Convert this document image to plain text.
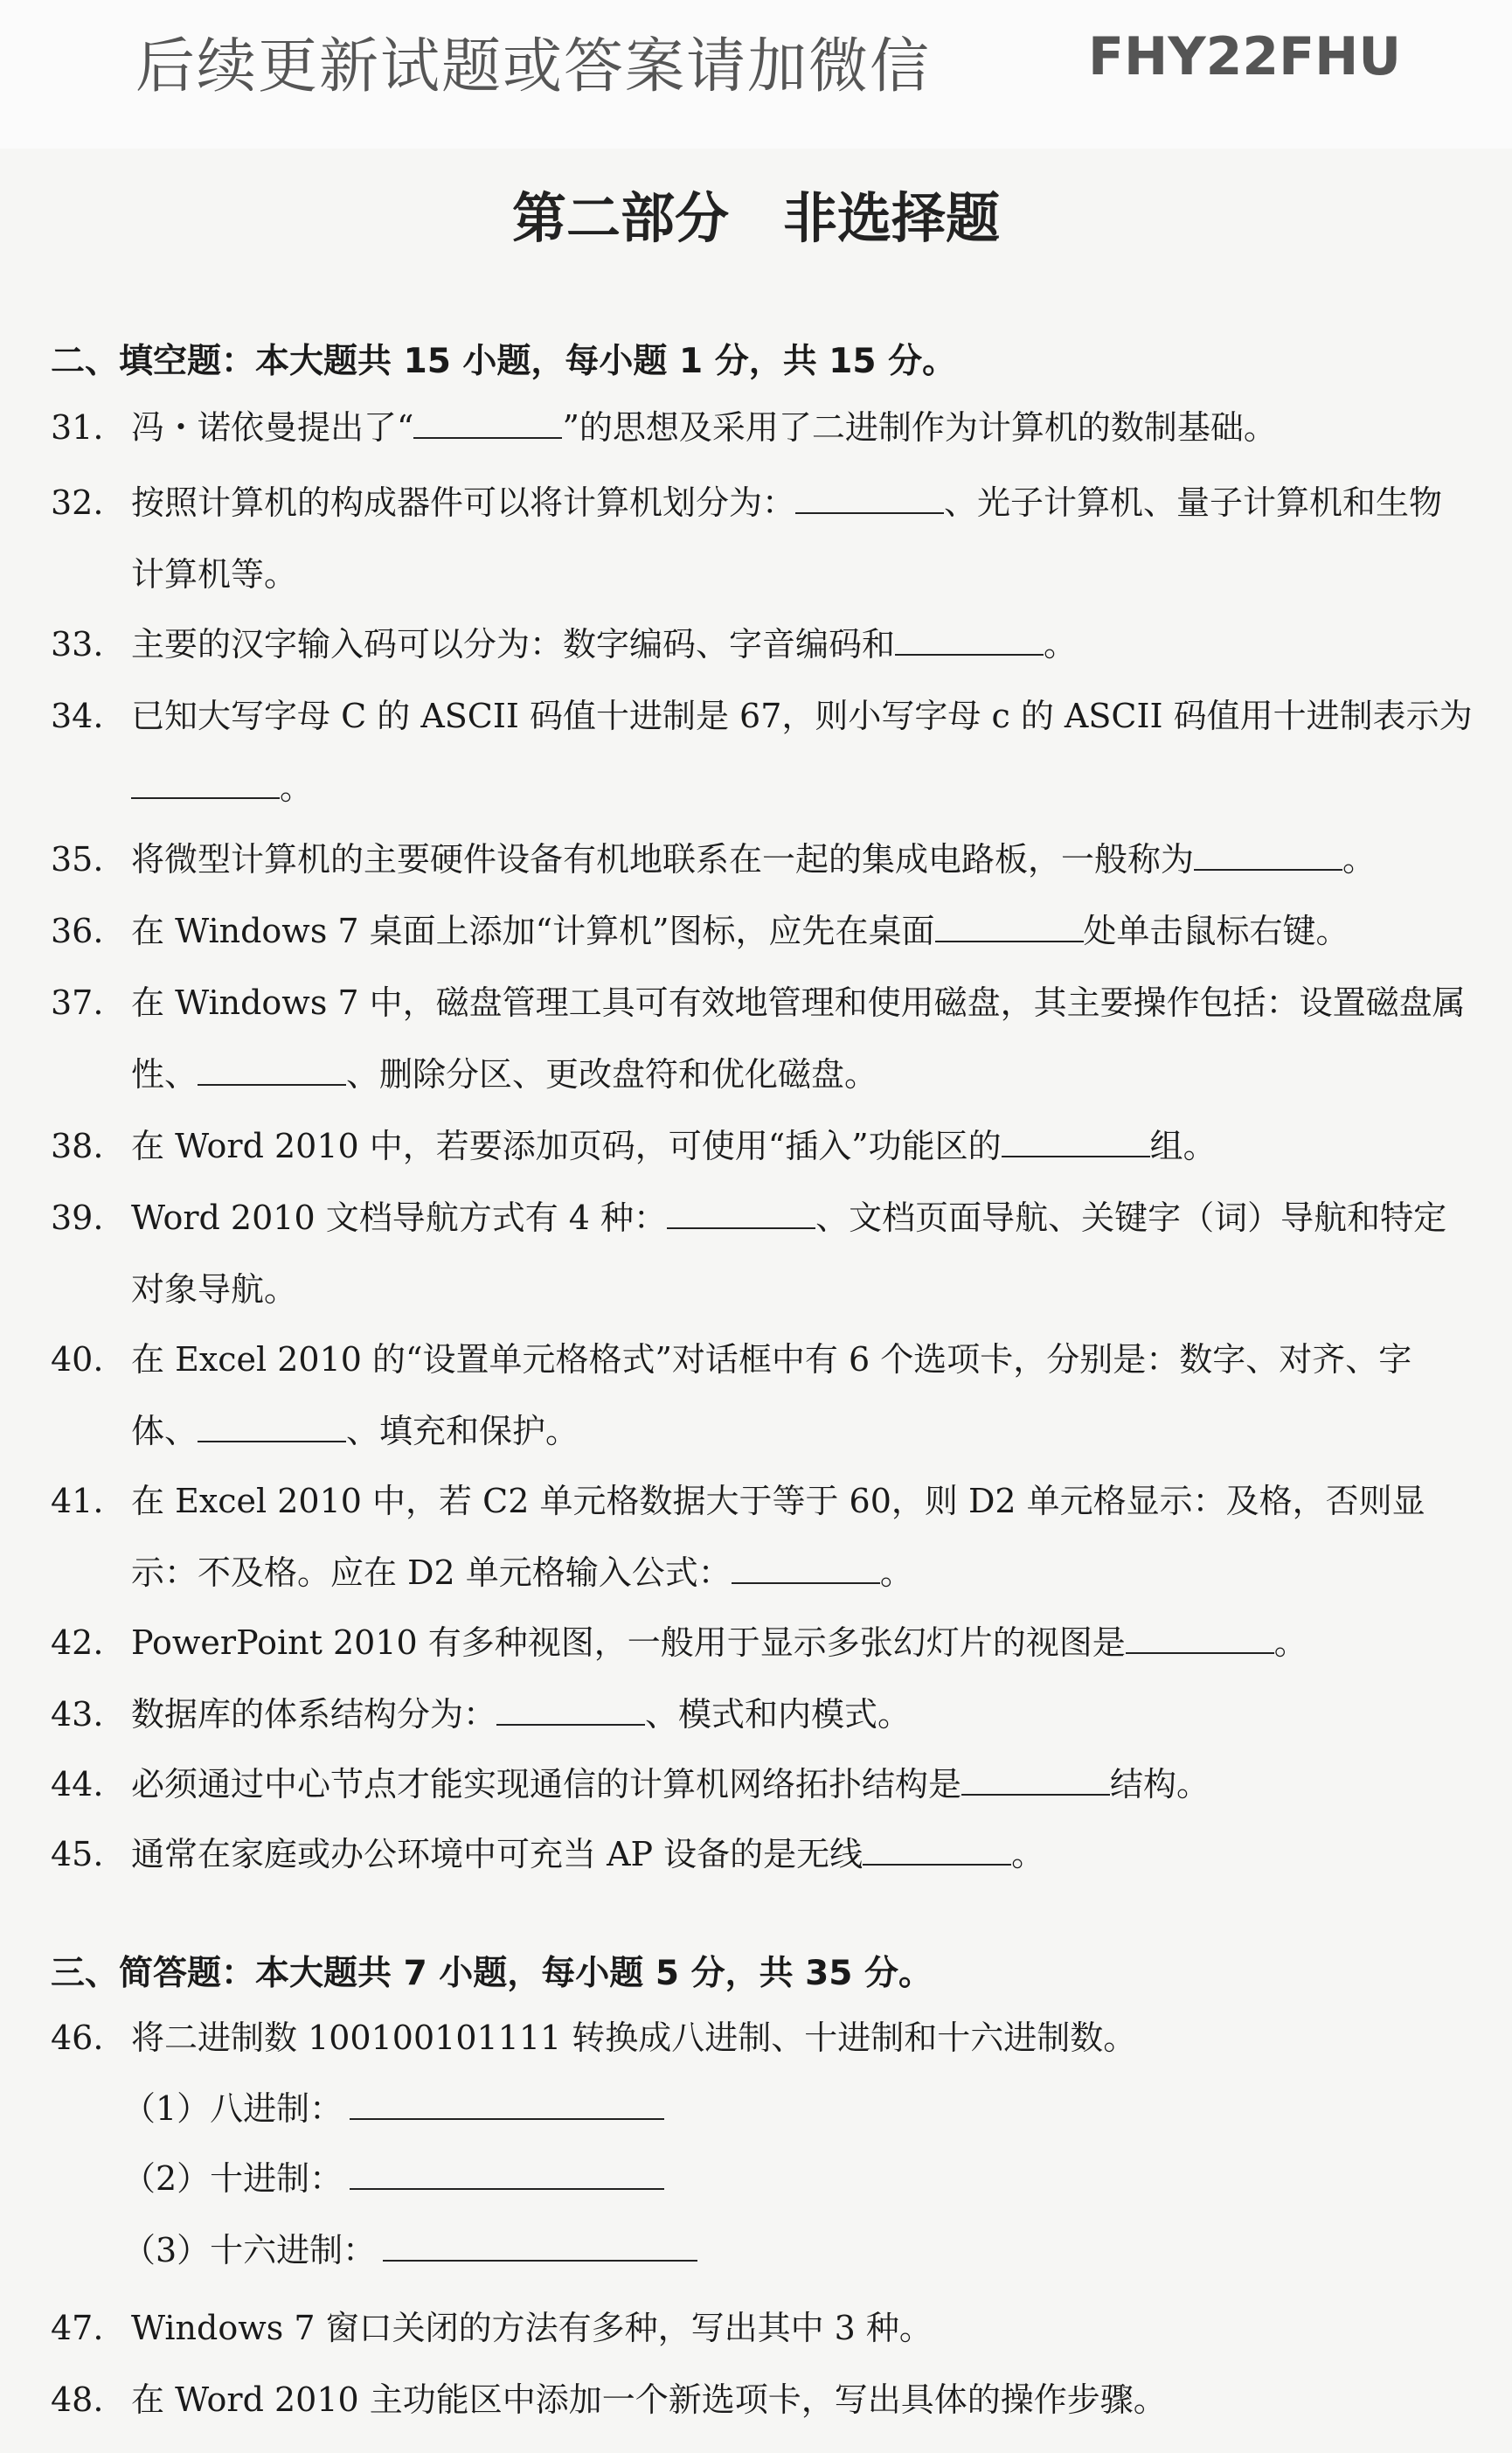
后续更新试题或答案请加微信	FHY22FHU
第二部分　非选择题
二、填空题：本大题共 15 小题，每小题 1 分，共 15 分。
31. 冯・诺依曼提出了“	”的思想及采用了二进制作为计算机的数制基础。
32. 按照计算机的构成器件可以将计算机划分为：	、光子计算机、量子计算机和生物计算机等。
33. 主要的汉字输入码可以分为：数字编码、字音编码和	。
34. 已知大写字母 C 的 ASCII 码值十进制是 67，则小写字母 c 的 ASCII 码值用十进制表示为。
35. 将微型计算机的主要硬件设备有机地联系在一起的集成电路板，一般称为	。
36. 在 Windows 7 桌面上添加“计算机”图标，应先在桌面	处单击鼠标右键。
37. 在 Windows 7 中，磁盘管理工具可有效地管理和使用磁盘，其主要操作包括：设置磁盘属性、	、删除分区、更改盘符和优化磁盘。
38. 在 Word 2010 中，若要添加页码，可使用“插入”功能区的	组。
39. Word 2010 文档导航方式有 4 种：	、文档页面导航、关键字（词）导航和特定对象导航。
40. 在 Excel 2010 的“设置单元格格式”对话框中有 6 个选项卡，分别是：数字、对齐、字体、	、填充和保护。
41. 在 Excel 2010 中，若 C2 单元格数据大于等于 60，则 D2 单元格显示：及格，否则显示：不及格。应在 D2 单元格输入公式：	。
42. PowerPoint 2010 有多种视图，一般用于显示多张幻灯片的视图是	。
43. 数据库的体系结构分为：	、模式和内模式。
44. 必须通过中心节点才能实现通信的计算机网络拓扑结构是	结构。
45. 通常在家庭或办公环境中可充当 AP 设备的是无线	。
三、简答题：本大题共 7 小题，每小题 5 分，共 35 分。
46. 将二进制数 100100101111 转换成八进制、十进制和十六进制数。
（1）八进制：
（2）十进制：
（3）十六进制：
47. Windows 7 窗口关闭的方法有多种，写出其中 3 种。
48. 在 Word 2010 主功能区中添加一个新选项卡，写出具体的操作步骤。
